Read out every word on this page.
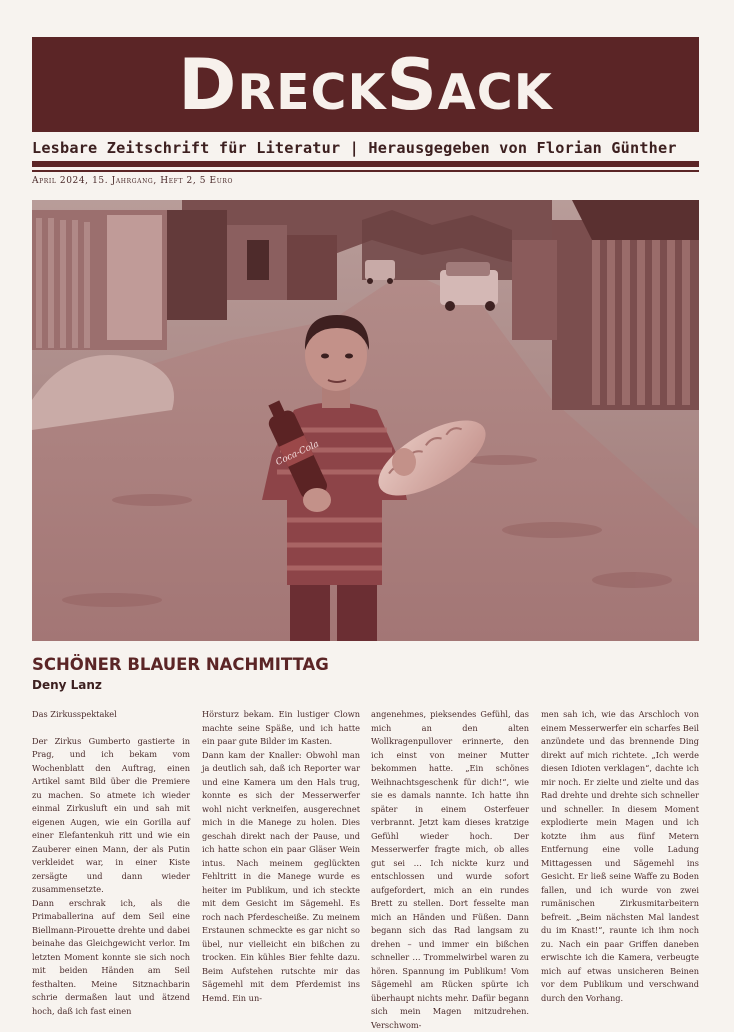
DreckSack
Lesbare Zeitschrift für Literatur | Herausgegeben von Florian Günther
April 2024, 15. Jahrgang, Heft 2, 5 Euro
Coca-Cola
SCHÖNER BLAUER NACHMITTAG
Deny Lanz

Das Zirkusspektakel

Der Zirkus Gumberto gastierte in Prag, und ich bekam vom Wochenblatt den Auftrag, einen Artikel samt Bild über die Premiere zu machen. So atmete ich wieder einmal Zirkusluft ein und sah mit eigenen Augen, wie ein Gorilla auf einer Elefantenkuh ritt und wie ein Zauberer einen Mann, der als Putin verkleidet war, in einer Kiste zersägte und dann wieder zusammensetzte.

Dann erschrak ich, als die Primaballerina auf dem Seil eine Biellmann-Pirouette drehte und dabei beinahe das Gleichgewicht verlor. Im letzten Moment konnte sie sich noch mit beiden Händen am Seil festhalten. Meine Sitznachbarin schrie dermaßen laut und ätzend hoch, daß ich fast einen

Hörsturz bekam. Ein lustiger Clown machte seine Späße, und ich hatte ein paar gute Bilder im Kasten.

Dann kam der Knaller: Obwohl man ja deutlich sah, daß ich Reporter war und eine Kamera um den Hals trug, konnte es sich der Messerwerfer wohl nicht verkneifen, ausgerechnet mich in die Manege zu holen. Dies geschah direkt nach der Pause, und ich hatte schon ein paar Gläser Wein intus. Nach meinem geglückten Fehltritt in die Manege wurde es heiter im Publikum, und ich steckte mit dem Gesicht im Sägemehl. Es roch nach Pferdescheiße. Zu meinem Erstaunen schmeckte es gar nicht so übel, nur vielleicht ein bißchen zu trocken. Ein kühles Bier fehlte dazu. Beim Aufstehen rutschte mir das Sägemehl mit dem Pferdemist ins Hemd. Ein un-

angenehmes, pieksendes Gefühl, das mich an den alten Wollkragenpullover erinnerte, den ich einst von meiner Mutter bekommen hatte. „Ein schönes Weihnachtsgeschenk für dich!“, wie sie es damals nannte. Ich hatte ihn später in einem Osterfeuer verbrannt. Jetzt kam dieses kratzige Gefühl wieder hoch. Der Messerwerfer fragte mich, ob alles gut sei … Ich nickte kurz und entschlossen und wurde sofort aufgefordert, mich an ein rundes Brett zu stellen. Dort fesselte man mich an Händen und Füßen. Dann begann sich das Rad langsam zu drehen – und immer ein bißchen schneller … Trommelwirbel waren zu hören. Spannung im Publikum! Vom Sägemehl am Rücken spürte ich überhaupt nichts mehr. Dafür begann sich mein Magen mitzudrehen. Verschwom-

men sah ich, wie das Arschloch von einem Messerwerfer ein scharfes Beil anzündete und das brennende Ding direkt auf mich richtete. „Ich werde diesen Idioten verklagen“, dachte ich mir noch. Er zielte und zielte und das Rad drehte und drehte sich schneller und schneller. In diesem Moment explodierte mein Magen und ich kotzte ihm aus fünf Metern Entfernung eine volle Ladung Mittagessen und Sägemehl ins Gesicht. Er ließ seine Waffe zu Boden fallen, und ich wurde von zwei rumänischen Zirkusmitarbeitern befreit. „Beim nächsten Mal landest du im Knast!“, raunte ich ihm noch zu. Nach ein paar Griffen daneben erwischte ich die Kamera, verbeugte mich auf etwas unsicheren Beinen vor dem Publikum und verschwand durch den Vorhang.
